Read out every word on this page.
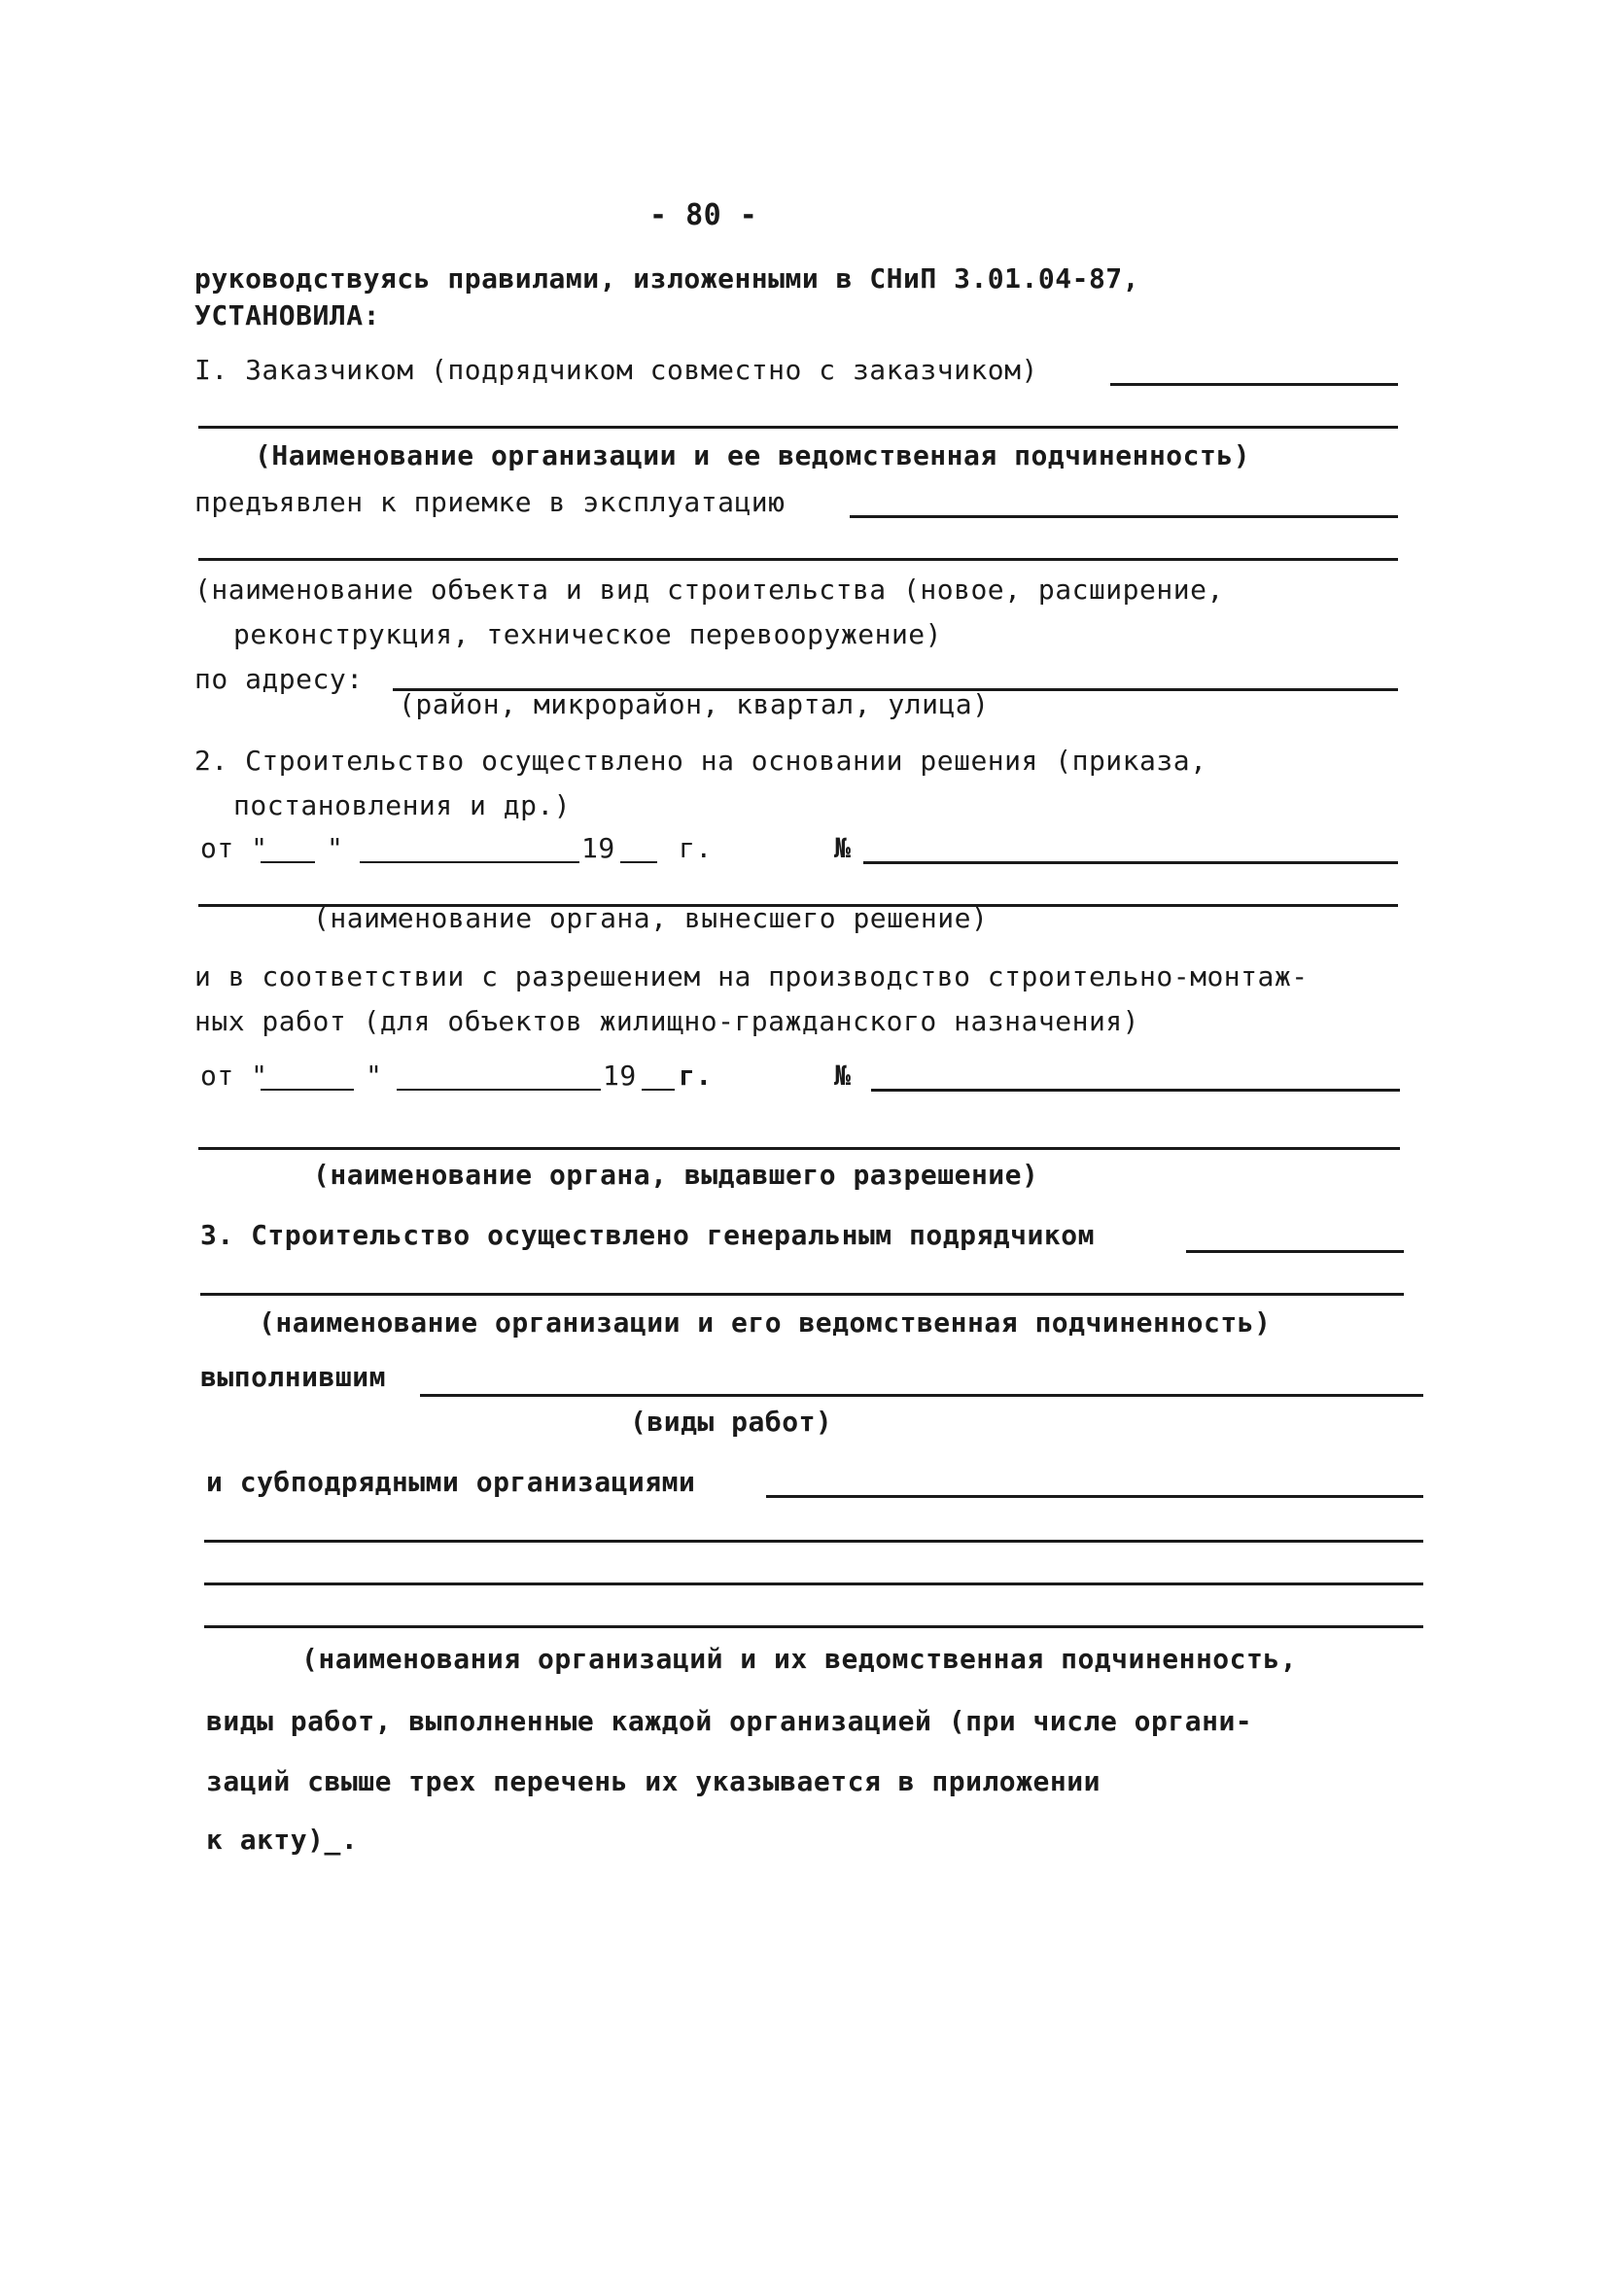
- 80 -
руководствуясь правилами, изложенными в СНиП 3.01.04-87,
УСТАНОВИЛА:
I. Заказчиком (подрядчиком совместно с заказчиком)
(Наименование организации и ее ведомственная подчиненность)
предъявлен к приемке в эксплуатацию
(наименование объекта и вид строительства (новое, расширение,
реконструкция, техническое перевооружение)
по адресу:
(район, микрорайон, квартал, улица)
2. Строительство осуществлено на основании решения (приказа,
постановления и др.)
от " "	19 г.	№
(наименование органа, вынесшего решение)
и в соответствии с разрешением на производство строительно-монтаж-
ных работ (для объектов жилищно-гражданского назначения)
от "	"	19 г.	№
(наименование органа, выдавшего разрешение)
3. Строительство осуществлено генеральным подрядчиком
(наименование организации и его ведомственная подчиненность)
выполнившим
(виды работ)
и субподрядными организациями
(наименования организаций и их ведомственная подчиненность,
виды работ, выполненные каждой организацией (при числе органи-
заций свыше трех перечень их указывается в приложении
к акту)_.
